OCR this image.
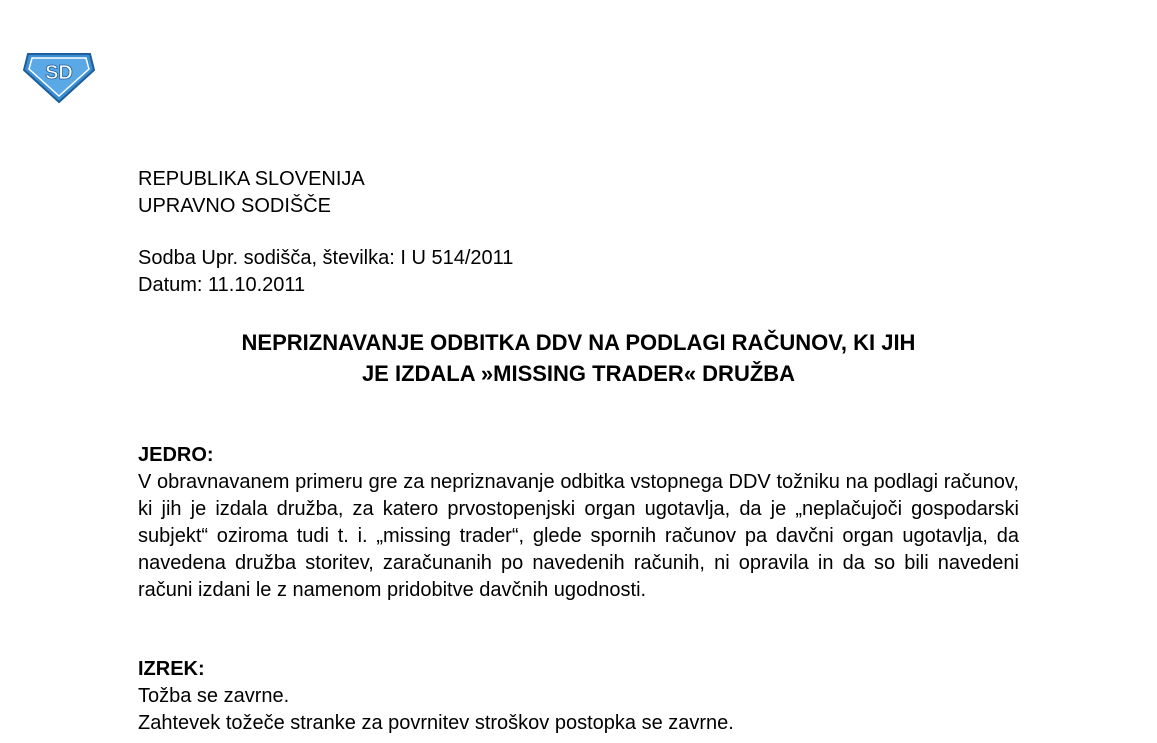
SD
REPUBLIKA SLOVENIJA
UPRAVNO SODIŠČE
Sodba Upr. sodišča, številka: I U 514/2011
Datum: 11.10.2011
NEPRIZNAVANJE ODBITKA DDV NA PODLAGI RAČUNOV, KI JIH
JE IZDALA »MISSING TRADER« DRUŽBA
JEDRO:
V obravnavanem primeru gre za nepriznavanje odbitka vstopnega DDV tožniku na podlagi računov, ki jih je izdala družba, za katero prvostopenjski organ ugotavlja, da je „neplačujoči gospodarski subjekt“ oziroma tudi t. i. „missing trader“, glede spornih računov pa davčni organ ugotavlja, da navedena družba storitev, zaračunanih po navedenih računih, ni opravila in da so bili navedeni računi izdani le z namenom pridobitve davčnih ugodnosti.
IZREK:
Tožba se zavrne.
Zahtevek tožeče stranke za povrnitev stroškov postopka se zavrne.
